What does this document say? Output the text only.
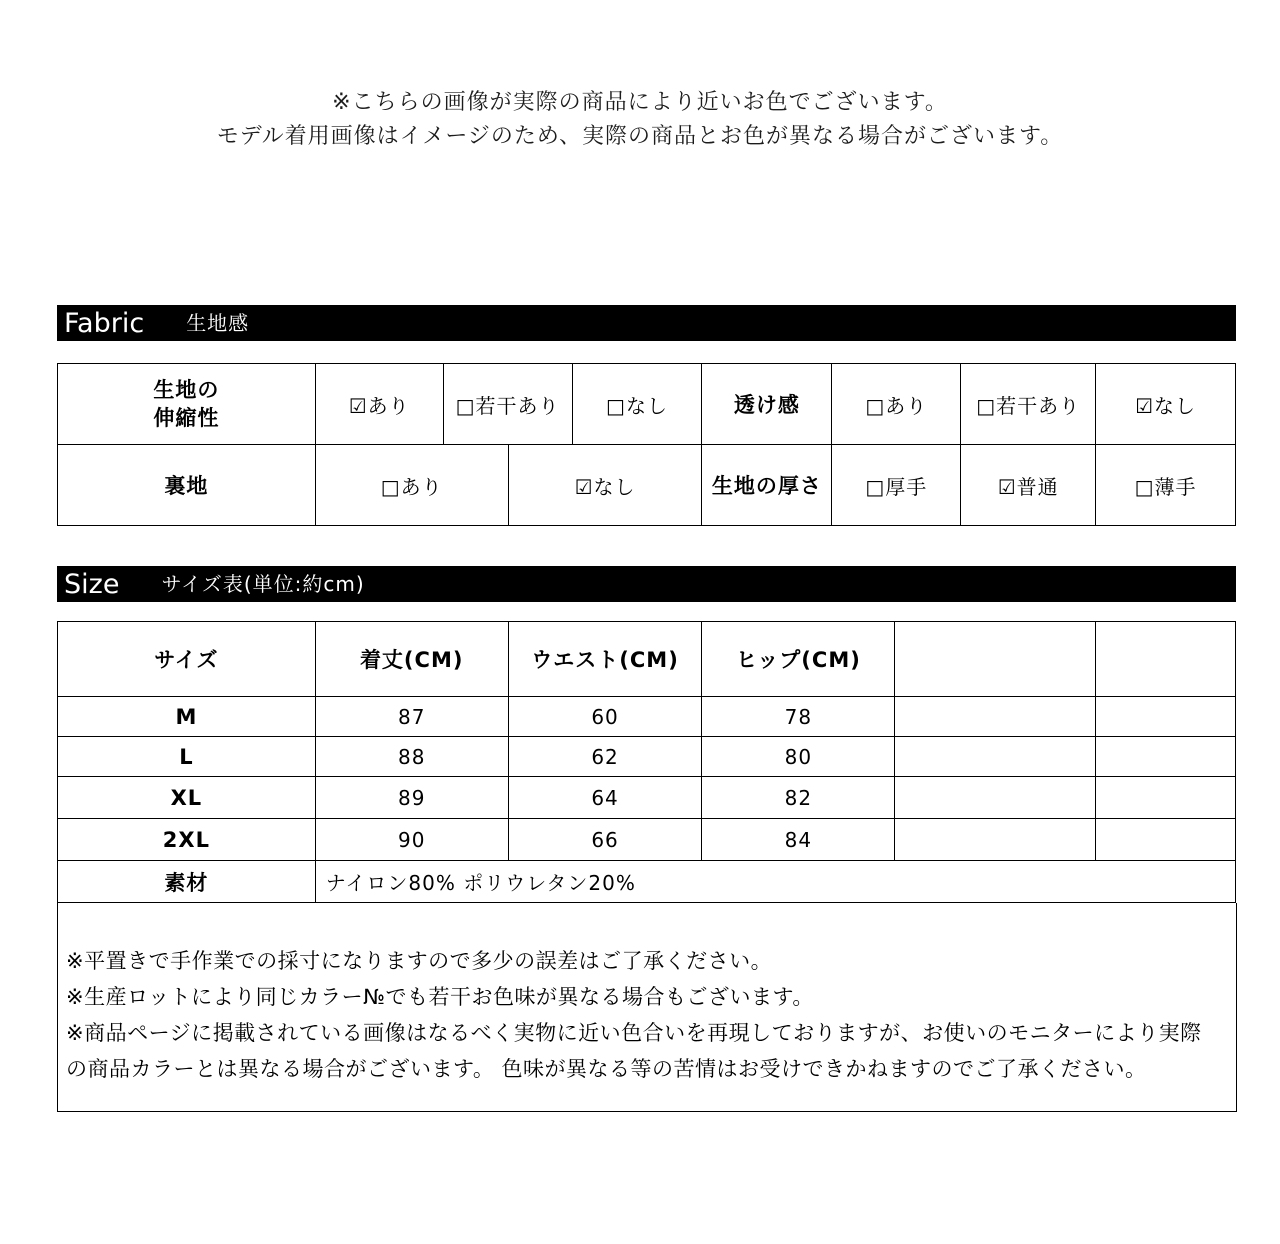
※こちらの画像が実際の商品により近いお色でございます。

モデル着用画像はイメージのため、実際の商品とお色が異なる場合がございます。

Fabric 生地感
生地の
伸縮性
☑あり	□若干あり	□なし	透け感	□あり	□若干あり	☑なし
裏地	□あり	☑なし	生地の厚さ	□厚手	☑普通	□薄手
Size サイズ表(単位:約cm)
サイズ	着丈(CM)	ウエスト(CM)	ヒップ(CM)
M	87	60	78
L	88	62	80
XL	89	64	82
2XL	90	66	84
素材	ナイロン80% ポリウレタン20%

※平置きで手作業での採寸になりますので多少の誤差はご了承ください。

※生産ロットにより同じカラー№でも若干お色味が異なる場合もございます。

※商品ページに掲載されている画像はなるべく実物に近い色合いを再現しておりますが、お使いのモニターにより実際の商品カラーとは異なる場合がございます。 色味が異なる等の苦情はお受けできかねますのでご了承ください。
